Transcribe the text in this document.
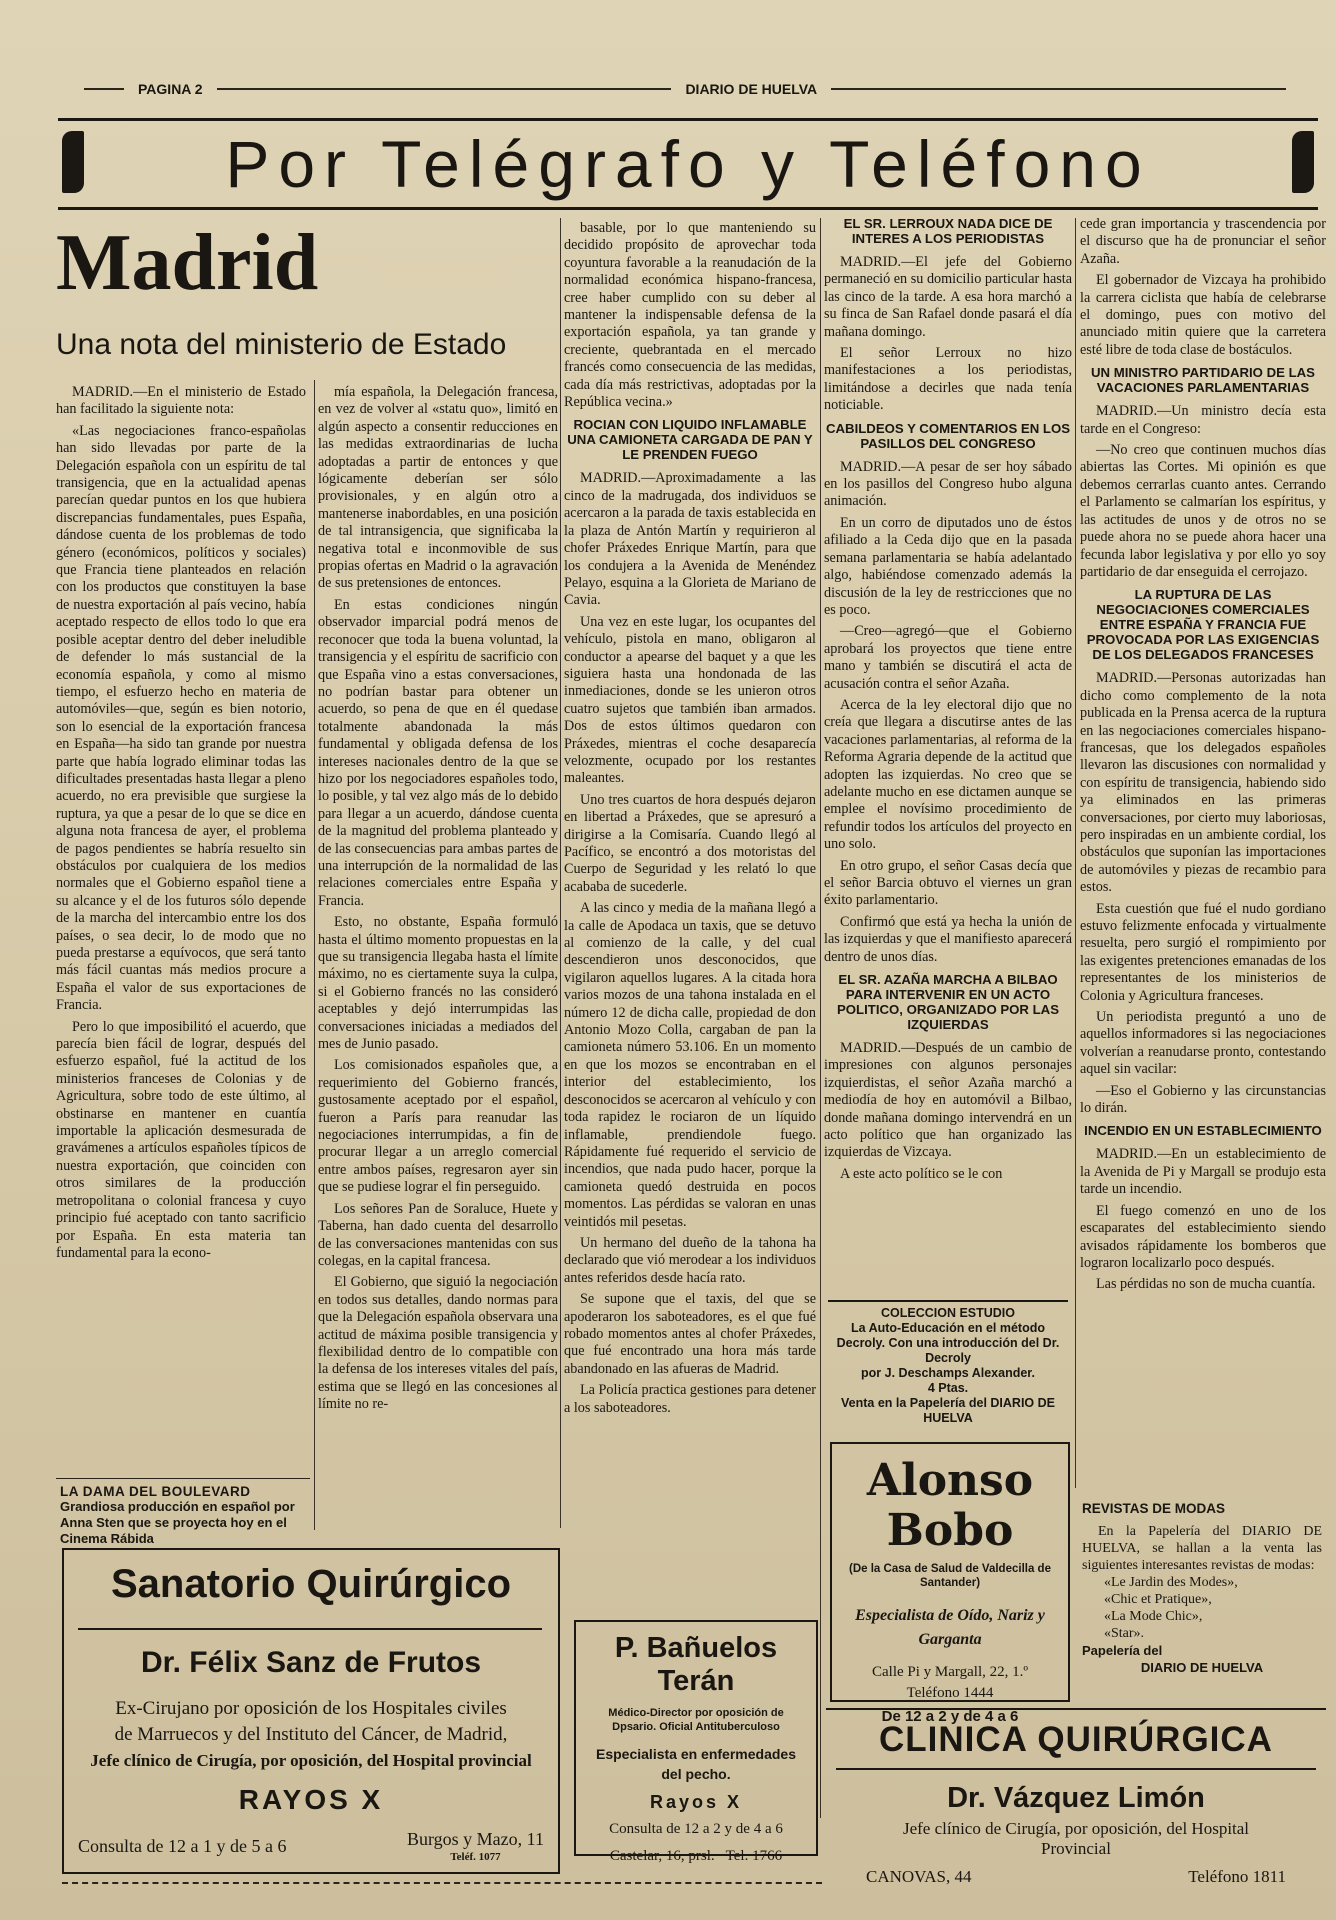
PAGINA 2	DIARIO DE HUELVA
Por Telégrafo y Teléfono
Madrid
Una nota del ministerio de Estado

MADRID.—En el ministerio de Estado han facilitado la siguiente nota:

«Las negociaciones franco-españolas han sido llevadas por parte de la Delegación española con un espíritu de tal transigencia, que en la actualidad apenas parecían quedar puntos en los que hubiera discrepancias fundamentales, pues España, dándose cuenta de los problemas de todo género (económicos, políticos y sociales) que Francia tiene planteados en relación con los productos que constituyen la base de nuestra exportación al país vecino, había aceptado respecto de ellos todo lo que era posible aceptar dentro del deber ineludible de defender lo más sustancial de la economía española, y como al mismo tiempo, el esfuerzo hecho en materia de automóviles—que, según es bien notorio, son lo esencial de la exportación francesa en España—ha sido tan grande por nuestra parte que había logrado eliminar todas las dificultades presentadas hasta llegar a pleno acuerdo, no era previsible que surgiese la ruptura, ya que a pesar de lo que se dice en alguna nota francesa de ayer, el problema de pagos pendientes se habría resuelto sin obstáculos por cualquiera de los medios normales que el Gobierno español tiene a su alcance y el de los futuros sólo depende de la marcha del intercambio entre los dos países, o sea decir, lo de modo que no pueda prestarse a equívocos, que será tanto más fácil cuantas más medios procure a España el valor de sus exportaciones de Francia.

Pero lo que imposibilitó el acuerdo, que parecía bien fácil de lograr, después del esfuerzo español, fué la actitud de los ministerios franceses de Colonias y de Agricultura, sobre todo de este último, al obstinarse en mantener en cuantía importable la aplicación desmesurada de gravámenes a artículos españoles típicos de nuestra exportación, que coinciden con otros similares de la producción metropolitana o colonial francesa y cuyo principio fué aceptado con tanto sacrificio por España. En esta materia tan fundamental para la econo-

LA DAMA DEL BOULEVARD
Grandiosa producción en español por Anna Sten que se proyecta hoy en el Cinema Rábida

mía española, la Delegación francesa, en vez de volver al «statu quo», limitó en algún aspecto a consentir reducciones en las medidas extraordinarias de lucha adoptadas a partir de entonces y que lógicamente deberían ser sólo provisionales, y en algún otro a mantenerse inabordables, en una posición de tal intransigencia, que significaba la negativa total e inconmovible de sus propias ofertas en Madrid o la agravación de sus pretensiones de entonces.

En estas condiciones ningún observador imparcial podrá menos de reconocer que toda la buena voluntad, la transigencia y el espíritu de sacrificio con que España vino a estas conversaciones, no podrían bastar para obtener un acuerdo, so pena de que en él quedase totalmente abandonada la más fundamental y obligada defensa de los intereses nacionales dentro de la que se hizo por los negociadores españoles todo, lo posible, y tal vez algo más de lo debido para llegar a un acuerdo, dándose cuenta de la magnitud del problema planteado y de las consecuencias para ambas partes de una interrupción de la normalidad de las relaciones comerciales entre España y Francia.

Esto, no obstante, España formuló hasta el último momento propuestas en la que su transigencia llegaba hasta el límite máximo, no es ciertamente suya la culpa, si el Gobierno francés no las consideró aceptables y dejó interrumpidas las conversaciones iniciadas a mediados del mes de Junio pasado.

Los comisionados españoles que, a requerimiento del Gobierno francés, gustosamente aceptado por el español, fueron a París para reanudar las negociaciones interrumpidas, a fin de procurar llegar a un arreglo comercial entre ambos países, regresaron ayer sin que se pudiese lograr el fin perseguido.

Los señores Pan de Soraluce, Huete y Taberna, han dado cuenta del desarrollo de las conversaciones mantenidas con sus colegas, en la capital francesa.

El Gobierno, que siguió la negociación en todos sus detalles, dando normas para que la Delegación española observara una actitud de máxima posible transigencia y flexibilidad dentro de lo compatible con la defensa de los intereses vitales del país, estima que se llegó en las concesiones al límite no re-

basable, por lo que manteniendo su decidido propósito de aprovechar toda coyuntura favorable a la reanudación de la normalidad económica hispano-francesa, cree haber cumplido con su deber al mantener la indispensable defensa de la exportación española, ya tan grande y creciente, quebrantada en el mercado francés como consecuencia de las medidas, cada día más restrictivas, adoptadas por la República vecina.»

ROCIAN CON LIQUIDO INFLAMABLE UNA CAMIONETA CARGADA DE PAN Y LE PRENDEN FUEGO

MADRID.—Aproximadamente a las cinco de la madrugada, dos individuos se acercaron a la parada de taxis establecida en la plaza de Antón Martín y requirieron al chofer Práxedes Enrique Martín, para que los condujera a la Avenida de Menéndez Pelayo, esquina a la Glorieta de Mariano de Cavia.

Una vez en este lugar, los ocupantes del vehículo, pistola en mano, obligaron al conductor a apearse del baquet y a que les siguiera hasta una hondonada de las inmediaciones, donde se les unieron otros cuatro sujetos que también iban armados. Dos de estos últimos quedaron con Práxedes, mientras el coche desaparecía velozmente, ocupado por los restantes maleantes.

Uno tres cuartos de hora después dejaron en libertad a Práxedes, que se apresuró a dirigirse a la Comisaría. Cuando llegó al Pacífico, se encontró a dos motoristas del Cuerpo de Seguridad y les relató lo que acababa de sucederle.

A las cinco y media de la mañana llegó a la calle de Apodaca un taxis, que se detuvo al comienzo de la calle, y del cual descendieron unos desconocidos, que vigilaron aquellos lugares. A la citada hora varios mozos de una tahona instalada en el número 12 de dicha calle, propiedad de don Antonio Mozo Colla, cargaban de pan la camioneta número 53.106. En un momento en que los mozos se encontraban en el interior del establecimiento, los desconocidos se acercaron al vehículo y con toda rapidez le rociaron de un líquido inflamable, prendiendole fuego. Rápidamente fué requerido el servicio de incendios, que nada pudo hacer, porque la camioneta quedó destruida en pocos momentos. Las pérdidas se valoran en unas veintidós mil pesetas.

Un hermano del dueño de la tahona ha declarado que vió merodear a los individuos antes referidos desde hacía rato.

Se supone que el taxis, del que se apoderaron los saboteadores, es el que fué robado momentos antes al chofer Práxedes, que fué encontrado una hora más tarde abandonado en las afueras de Madrid.

La Policía practica gestiones para detener a los saboteadores.

EL SR. LERROUX NADA DICE DE INTERES A LOS PERIODISTAS

MADRID.—El jefe del Gobierno permaneció en su domicilio particular hasta las cinco de la tarde. A esa hora marchó a su finca de San Rafael donde pasará el día mañana domingo.

El señor Lerroux no hizo manifestaciones a los periodistas, limitándose a decirles que nada tenía noticiable.

CABILDEOS Y COMENTARIOS EN LOS PASILLOS DEL CONGRESO

MADRID.—A pesar de ser hoy sábado en los pasillos del Congreso hubo alguna animación.

En un corro de diputados uno de éstos afiliado a la Ceda dijo que en la pasada semana parlamentaria se había adelantado algo, habiéndose comenzado además la discusión de la ley de restricciones que no es poco.

—Creo—agregó—que el Gobierno aprobará los proyectos que tiene entre mano y también se discutirá el acta de acusación contra el señor Azaña.

Acerca de la ley electoral dijo que no creía que llegara a discutirse antes de las vacaciones parlamentarias, al reforma de la Reforma Agraria depende de la actitud que adopten las izquierdas. No creo que se adelante mucho en ese dictamen aunque se emplee el novísimo procedimiento de refundir todos los artículos del proyecto en uno solo.

En otro grupo, el señor Casas decía que el señor Barcia obtuvo el viernes un gran éxito parlamentario.

Confirmó que está ya hecha la unión de las izquierdas y que el manifiesto aparecerá dentro de unos días.

EL SR. AZAÑA MARCHA A BILBAO PARA INTERVENIR EN UN ACTO POLITICO, ORGANIZADO POR LAS IZQUIERDAS

MADRID.—Después de un cambio de impresiones con algunos personajes izquierdistas, el señor Azaña marchó a mediodía de hoy en automóvil a Bilbao, donde mañana domingo intervendrá en un acto político que han organizado las izquierdas de Vizcaya.

A este acto político se le con

COLECCION ESTUDIO
La Auto-Educación en el método Decroly. Con una introducción del Dr. Decroly
por J. Deschamps Alexander.
4 Ptas.
Venta en la Papelería del DIARIO DE HUELVA

cede gran importancia y trascendencia por el discurso que ha de pronunciar el señor Azaña.

El gobernador de Vizcaya ha prohibido la carrera ciclista que había de celebrarse el domingo, pues con motivo del anunciado mitin quiere que la carretera esté libre de toda clase de bostáculos.

UN MINISTRO PARTIDARIO DE LAS VACACIONES PARLAMENTARIAS

MADRID.—Un ministro decía esta tarde en el Congreso:

—No creo que continuen muchos días abiertas las Cortes. Mi opinión es que debemos cerrarlas cuanto antes. Cerrando el Parlamento se calmarían los espíritus, y las actitudes de unos y de otros no se puede ahora no se puede ahora hacer una fecunda labor legislativa y por ello yo soy partidario de dar enseguida el cerrojazo.

LA RUPTURA DE LAS NEGOCIACIONES COMERCIALES ENTRE ESPAÑA Y FRANCIA FUE PROVOCADA POR LAS EXIGENCIAS DE LOS DELEGADOS FRANCESES

MADRID.—Personas autorizadas han dicho como complemento de la nota publicada en la Prensa acerca de la ruptura en las negociaciones comerciales hispano-francesas, que los delegados españoles llevaron las discusiones con normalidad y con espíritu de transigencia, habiendo sido ya eliminados en las primeras conversaciones, por cierto muy laboriosas, pero inspiradas en un ambiente cordial, los obstáculos que suponían las importaciones de automóviles y piezas de recambio para estos.

Esta cuestión que fué el nudo gordiano estuvo felizmente enfocada y virtualmente resuelta, pero surgió el rompimiento por las exigentes pretenciones emanadas de los representantes de los ministerios de Colonia y Agricultura franceses.

Un periodista preguntó a uno de aquellos informadores si las negociaciones volverían a reanudarse pronto, contestando aquel sin vacilar:

—Eso el Gobierno y las circunstancias lo dirán.

INCENDIO EN UN ESTABLECIMIENTO

MADRID.—En un establecimiento de la Avenida de Pi y Margall se produjo esta tarde un incendio.

El fuego comenzó en uno de los escaparates del establecimiento siendo avisados rápidamente los bomberos que lograron localizarlo poco después.

Las pérdidas no son de mucha cuantía.

REVISTAS DE MODAS
En la Papelería del DIARIO DE HUELVA, se hallan a la venta las siguientes interesantes revistas de modas:
«Le Jardin des Modes»,
«Chic et Pratique»,
«La Mode Chic»,
«Star».
Papelería del
DIARIO DE HUELVA
Sanatorio Quirúrgico
Dr. Félix Sanz de Frutos
Ex-Cirujano por oposición de los Hospitales civiles
de Marruecos y del Instituto del Cáncer, de Madrid,
Jefe clínico de Cirugía, por oposición, del Hospital provincial
RAYOS X
Consulta de 12 a 1 y de 5 a 6	Burgos y Mazo, 11
Teléf. 1077
P. Bañuelos Terán
Médico-Director por oposición de Dpsario. Oficial Antituberculoso
Especialista en enfermedades del pecho.
Rayos X
Consulta de 12 a 2 y de 4 a 6
Castelar, 16, prsl. Tel. 1766
Alonso Bobo
(De la Casa de Salud de Valdecilla de Santander)
Especialista de Oído, Nariz y Garganta
Calle Pi y Margall, 22, 1.º
Teléfono 1444
De 12 a 2 y de 4 a 6
CLINICA QUIRÚRGICA
Dr. Vázquez Limón
Jefe clínico de Cirugía, por oposición, del Hospital
Provincial
CANOVAS, 44	Teléfono 1811
